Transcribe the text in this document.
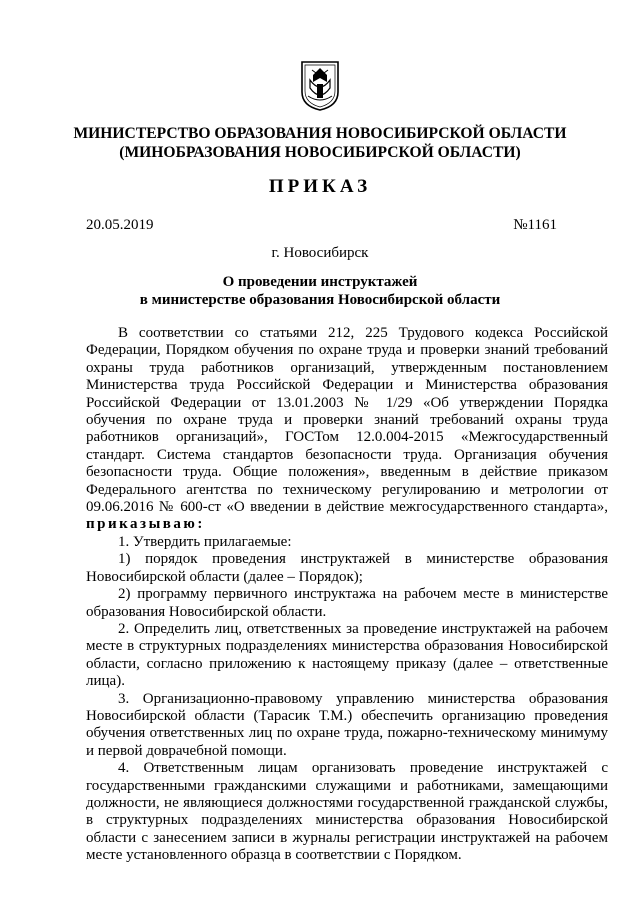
МИНИСТЕРСТВО ОБРАЗОВАНИЯ НОВОСИБИРСКОЙ ОБЛАСТИ
(МИНОБРАЗОВАНИЯ НОВОСИБИРСКОЙ ОБЛАСТИ)
ПРИКАЗ
20.05.2019	№1161
г. Новосибирск
О проведении инструктажей
в министерстве образования Новосибирской области

В соответствии со статьями 212, 225 Трудового кодекса Российской Федерации, Порядком обучения по охране труда и проверки знаний требований охраны труда работников организаций, утвержденным постановлением Министерства труда Российской Федерации и Министерства образования Российской Федерации от 13.01.2003 № 1/29 «Об утверждении Порядка обучения по охране труда и проверки знаний требований охраны труда работников организаций», ГОСТом 12.0.004-2015 «Межгосударственный стандарт. Система стандартов безопасности труда. Организация обучения безопасности труда. Общие положения», введенным в действие приказом Федерального агентства по техническому регулированию и метрологии от 09.06.2016 № 600-ст «О введении в действие межгосударственного стандарта», приказываю:

1. Утвердить прилагаемые:

1) порядок проведения инструктажей в министерстве образования Новосибирской области (далее – Порядок);

2) программу первичного инструктажа на рабочем месте в министерстве образования Новосибирской области.

2. Определить лиц, ответственных за проведение инструктажей на рабочем месте в структурных подразделениях министерства образования Новосибирской области, согласно приложению к настоящему приказу (далее – ответственные лица).

3. Организационно-правовому управлению министерства образования Новосибирской области (Тарасик Т.М.) обеспечить организацию проведения обучения ответственных лиц по охране труда, пожарно-техническому минимуму и первой доврачебной помощи.

4. Ответственным лицам организовать проведение инструктажей с государственными гражданскими служащими и работниками, замещающими должности, не являющиеся должностями государственной гражданской службы, в структурных подразделениях министерства образования Новосибирской области с занесением записи в журналы регистрации инструктажей на рабочем месте установленного образца в соответствии с Порядком.
